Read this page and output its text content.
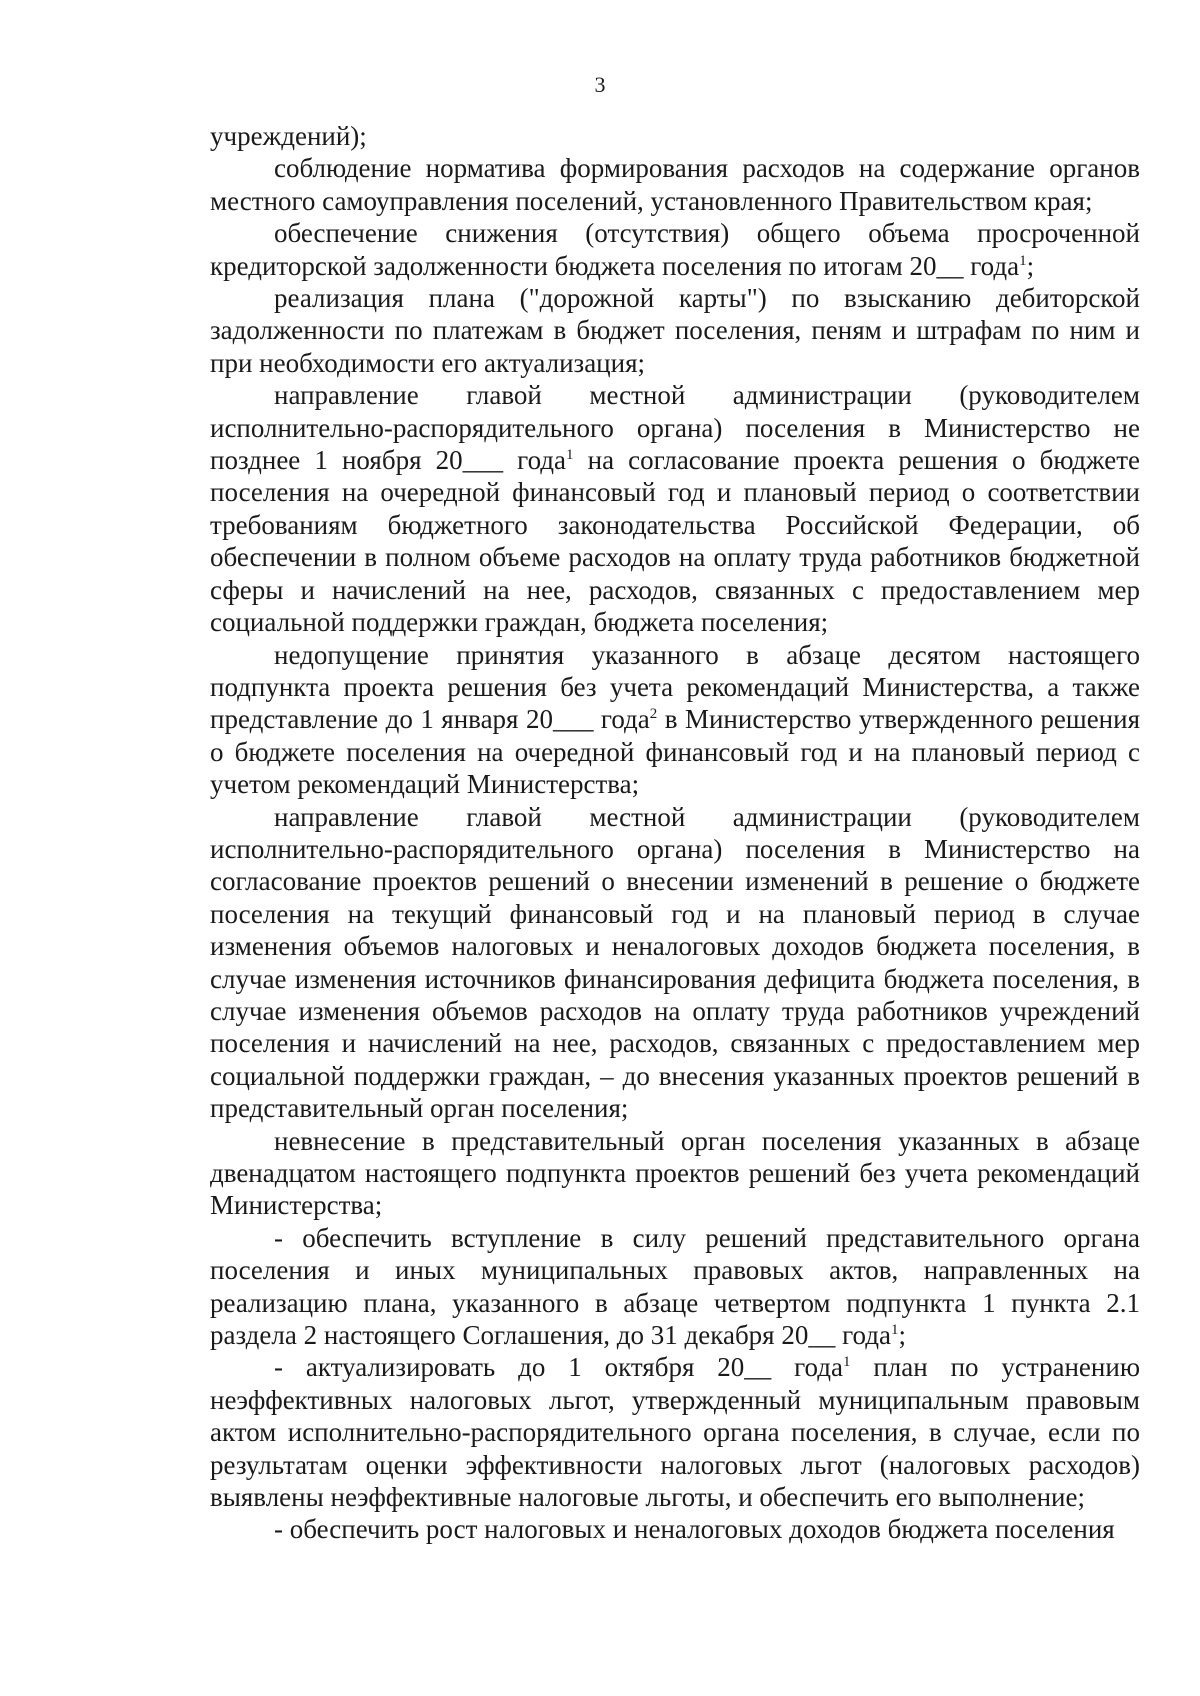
3

учреждений);

соблюдение норматива формирования расходов на содержание органов местного самоуправления поселений, установленного Правительством края;

обеспечение снижения (отсутствия) общего объема просроченной кредиторской задолженности бюджета поселения по итогам 20__ года$^1$;

реализация плана ("дорожной карты") по взысканию дебиторской задолженности по платежам в бюджет поселения, пеням и штрафам по ним и при необходимости его актуализация;

направление главой местной администрации (руководителем исполнительно-распорядительного органа) поселения в Министерство не позднее 1 ноября 20___ года$^1$ на согласование проекта решения о бюджете поселения на очередной финансовый год и плановый период о соответствии требованиям бюджетного законодательства Российской Федерации, об обеспечении в полном объеме расходов на оплату труда работников бюджетной сферы и начислений на нее, расходов, связанных с предоставлением мер социальной поддержки граждан, бюджета поселения;

недопущение принятия указанного в абзаце десятом настоящего подпункта проекта решения без учета рекомендаций Министерства, а также представление до 1 января 20___ года$^2$ в Министерство утвержденного решения о бюджете поселения на очередной финансовый год и на плановый период с учетом рекомендаций Министерства;

направление главой местной администрации (руководителем исполнительно-распорядительного органа) поселения в Министерство на согласование проектов решений о внесении изменений в решение о бюджете поселения на текущий финансовый год и на плановый период в случае изменения объемов налоговых и неналоговых доходов бюджета поселения, в случае изменения источников финансирования дефицита бюджета поселения, в случае изменения объемов расходов на оплату труда работников учреждений поселения и начислений на нее, расходов, связанных с предоставлением мер социальной поддержки граждан, – до внесения указанных проектов решений в представительный орган поселения;

невнесение в представительный орган поселения указанных в абзаце двенадцатом настоящего подпункта проектов решений без учета рекомендаций Министерства;

- обеспечить вступление в силу решений представительного органа поселения и иных муниципальных правовых актов, направленных на реализацию плана, указанного в абзаце четвертом подпункта 1 пункта 2.1 раздела 2 настоящего Соглашения, до 31 декабря 20__ года$^1$;

- актуализировать до 1 октября 20__ года$^1$ план по устранению неэффективных налоговых льгот, утвержденный муниципальным правовым актом исполнительно-распорядительного органа поселения, в случае, если по результатам оценки эффективности налоговых льгот (налоговых расходов) выявлены неэффективные налоговые льготы, и обеспечить его выполнение;

- обеспечить рост налоговых и неналоговых доходов бюджета поселения
